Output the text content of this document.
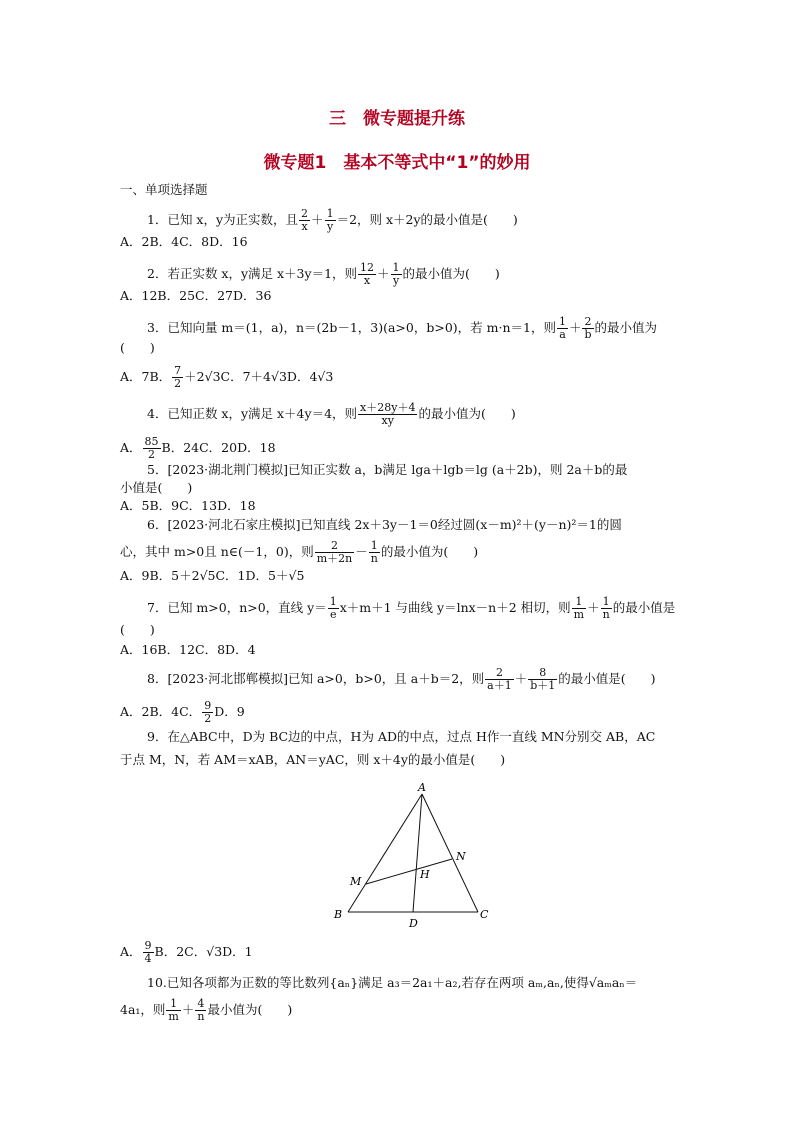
三　微专题提升练
微专题1　基本不等式中“1”的妙用
一、单项选择题
1．已知 x，y为正实数，且 $\frac{2}{x} + \frac{1}{y} =2$，则 x＋2y的最小值是(　　)
A．2B．4C．8D．16
2．若正实数 x，y满足 x＋3y＝1，则 $\frac{12}{x} + \frac{1}{y}$ 的最小值为(　　)
A．12B．25C．27D．36
3．已知向量 m＝(1，a)，n＝(2b－1，3)(a>0，b>0)，若 m·n＝1，则 $\frac{1}{a} + \frac{2}{b}$ 的最小值为
(　　)
A．7B． $\frac{7}{2} +2√3C$．7＋4√3D．4√3
4．已知正数 x，y满足 x＋4y＝4，则 $\frac{x+28y+4}{xy}$ 的最小值为(　　)
A． $\frac{85}{2}$ B．24C．20D．18
5．[2023·湖北荆门模拟]已知正实数 a，b满足 lga＋lgb＝lg (a＋2b)，则 2a＋b的最
小值是(　　)
A．5B．9C．13D．18
6．[2023·河北石家庄模拟]已知直线 2x＋3y－1＝0经过圆(x－m)²＋(y－n)²＝1的圆
心，其中 m>0且 n∈(－1，0)，则 $\frac{2}{m+2n} - \frac{1}{n}$ 的最小值为(　　)
A．9B．5＋2√5C．1D．5＋√5
7．已知 m>0，n>0，直线 $y= \frac{1}{e} x+m+1$ 与曲线 y＝lnx－n＋2 相切，则 $\frac{1}{m} + \frac{1}{n}$ 的最小值是
(　　)
A．16B．12C．8D．4
8．[2023·河北邯郸模拟]已知 a>0，b>0，且 a＋b＝2，则 $\frac{2}{a+1} + \frac{8}{b+1}$ 的最小值是(　　)
A．2B．4C． $\frac{9}{2}$ D．9
9．在△ABC中，D为 BC边的中点，H为 AD的中点，过点 H作一直线 MN分别交 AB，AC
于点 M，N，若 AM＝xAB，AN＝yAC，则 x＋4y的最小值是(　　)
A
B	C
D
H
M
N
A． $\frac{9}{4}$ B．2C．√3D．1
10.已知各项都为正数的等比数列{aₙ}满足 a₃＝2a₁＋a₂,若存在两项 aₘ,aₙ,使得√aₘaₙ＝
4a₁，则 $\frac{1}{m} + \frac{4}{n}$ 最小值为(　　)
